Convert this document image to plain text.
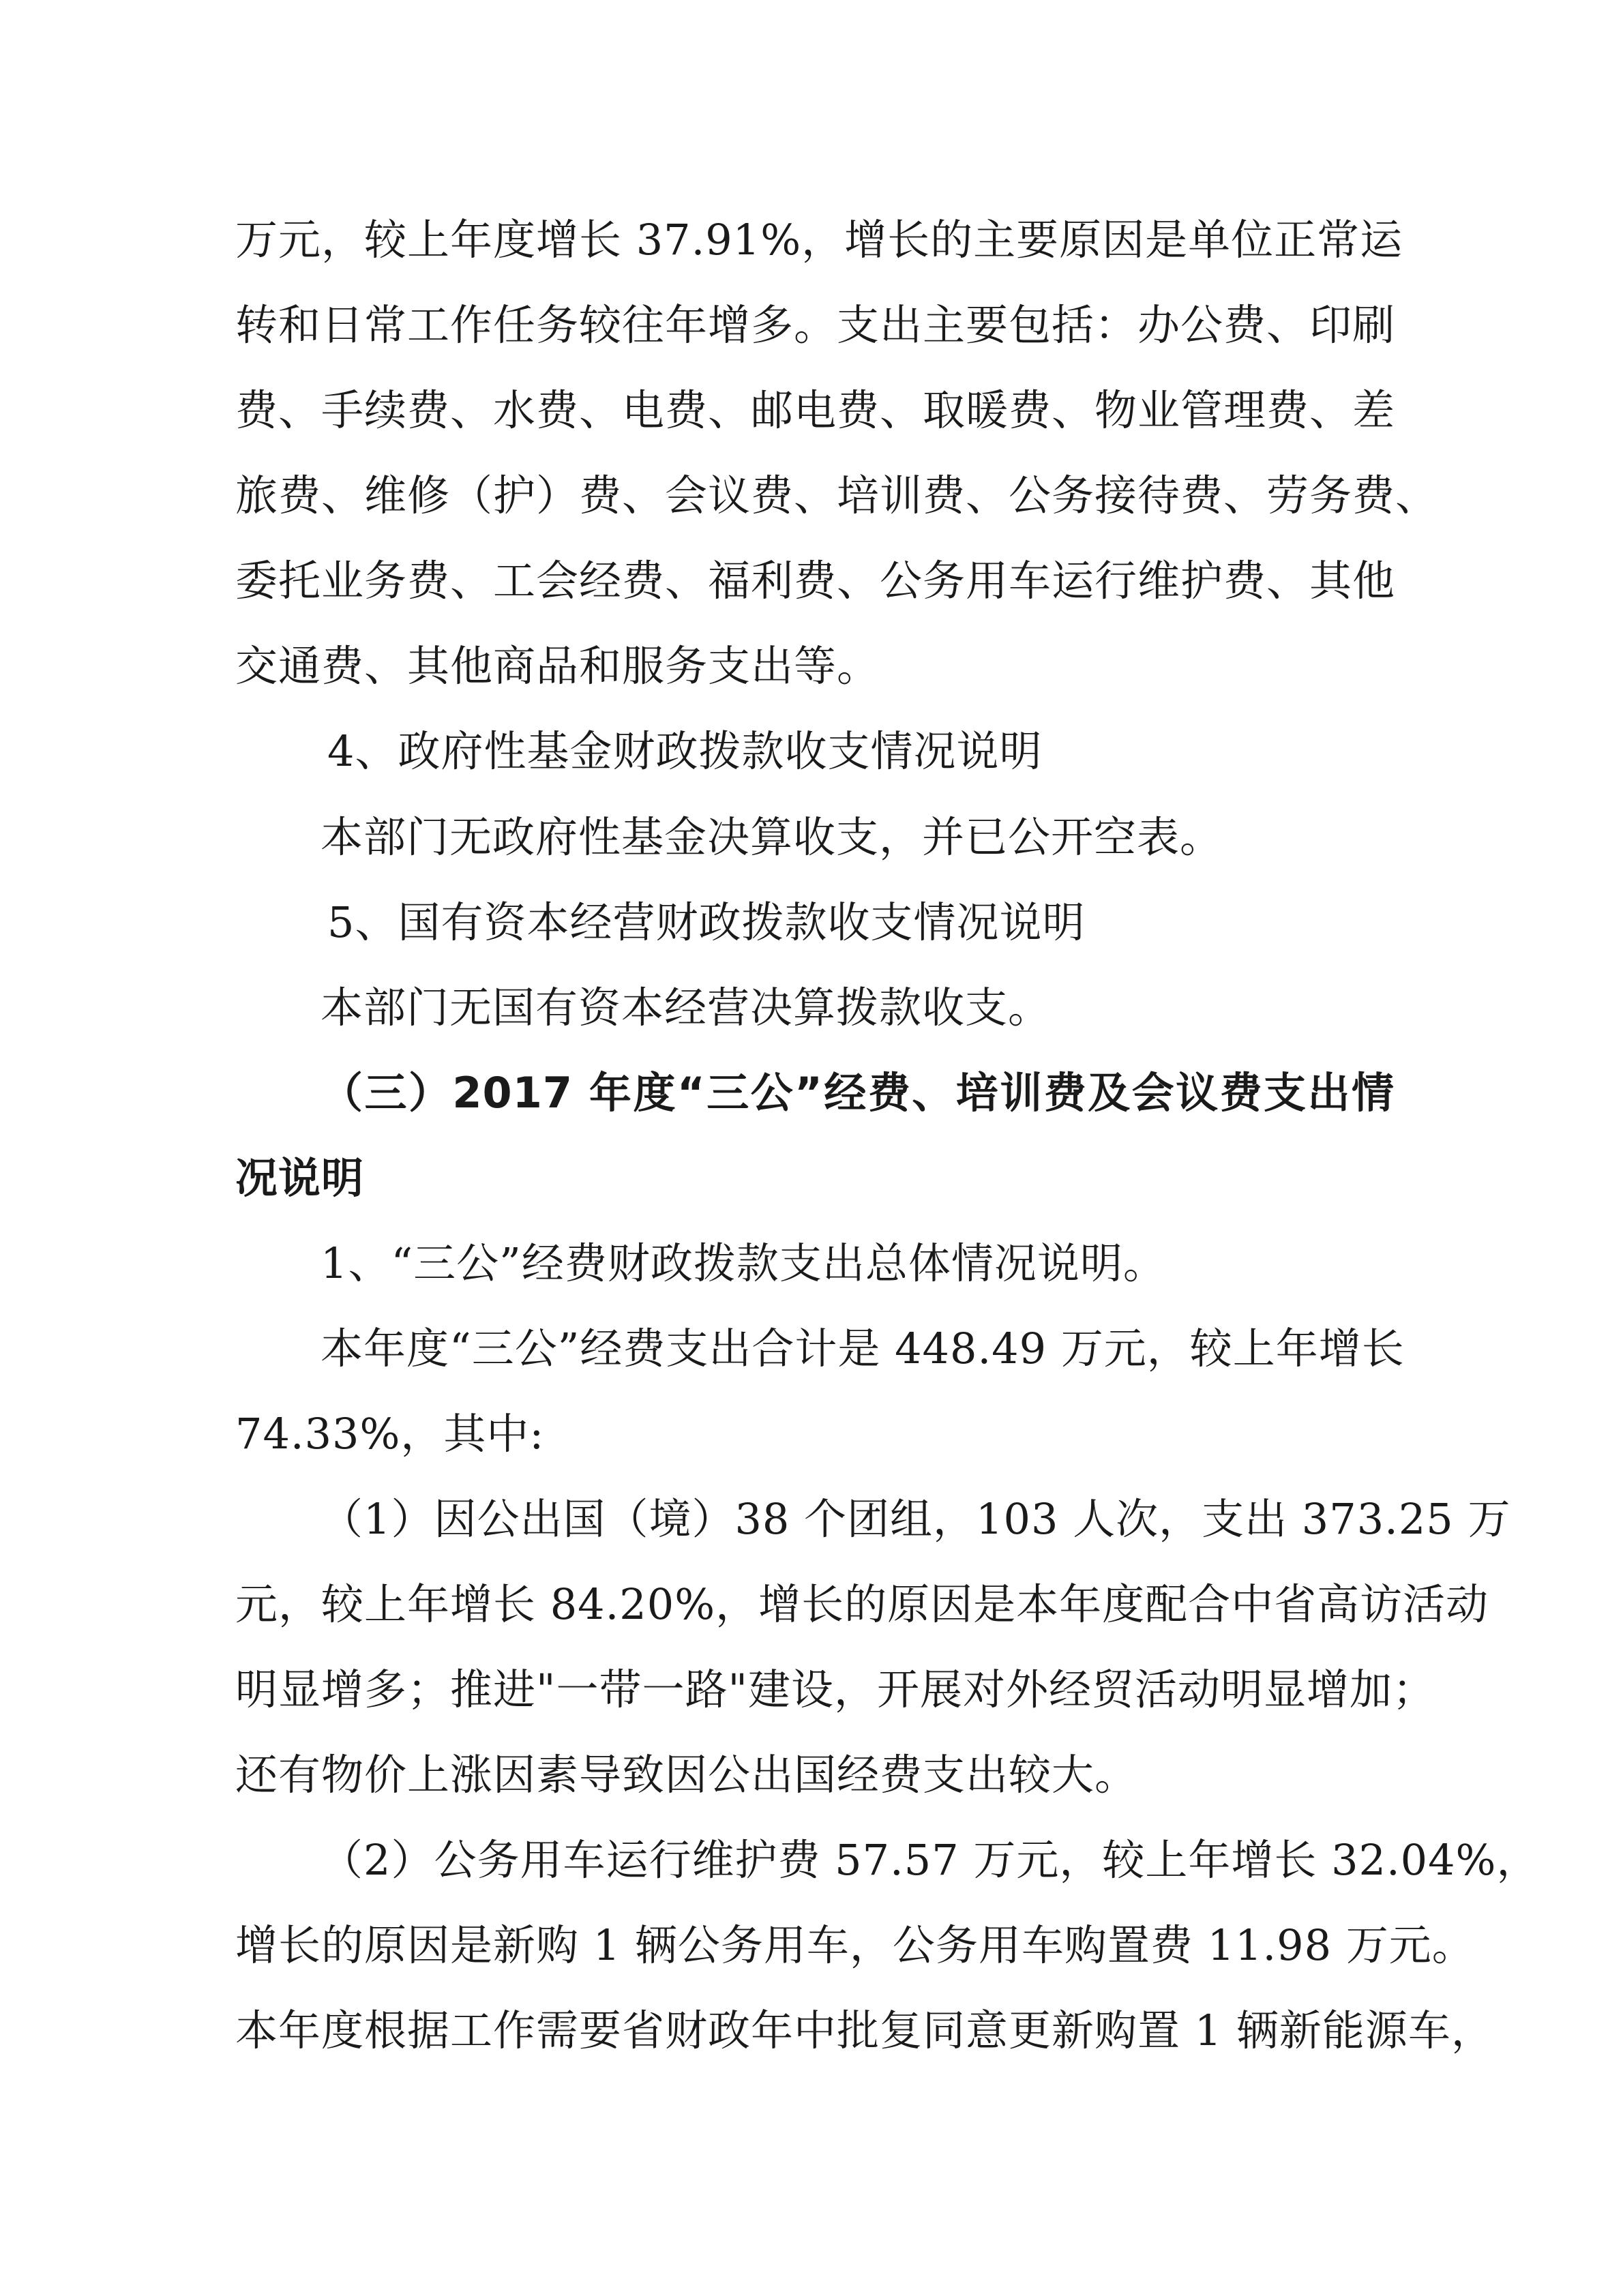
万元，较上年度增长 37.91%，增长的主要原因是单位正常运
转和日常工作任务较往年增多。支出主要包括：办公费、印刷
费、手续费、水费、电费、邮电费、取暖费、物业管理费、差
旅费、维修（护）费、会议费、培训费、公务接待费、劳务费、
委托业务费、工会经费、福利费、公务用车运行维护费、其他
交通费、其他商品和服务支出等。
4、政府性基金财政拨款收支情况说明
本部门无政府性基金决算收支，并已公开空表。
5、国有资本经营财政拨款收支情况说明
本部门无国有资本经营决算拨款收支。
（三）2017 年度“三公”经费、培训费及会议费支出情
况说明
1、“三公”经费财政拨款支出总体情况说明。
本年度“三公”经费支出合计是 448.49 万元，较上年增长
74.33%，其中:
（1）因公出国（境）38 个团组，103 人次，支出 373.25 万
元，较上年增长 84.20%，增长的原因是本年度配合中省高访活动
明显增多；推进"一带一路"建设，开展对外经贸活动明显增加；
还有物价上涨因素导致因公出国经费支出较大。
（2）公务用车运行维护费 57.57 万元，较上年增长 32.04%，
增长的原因是新购 1 辆公务用车，公务用车购置费 11.98 万元。
本年度根据工作需要省财政年中批复同意更新购置 1 辆新能源车，
